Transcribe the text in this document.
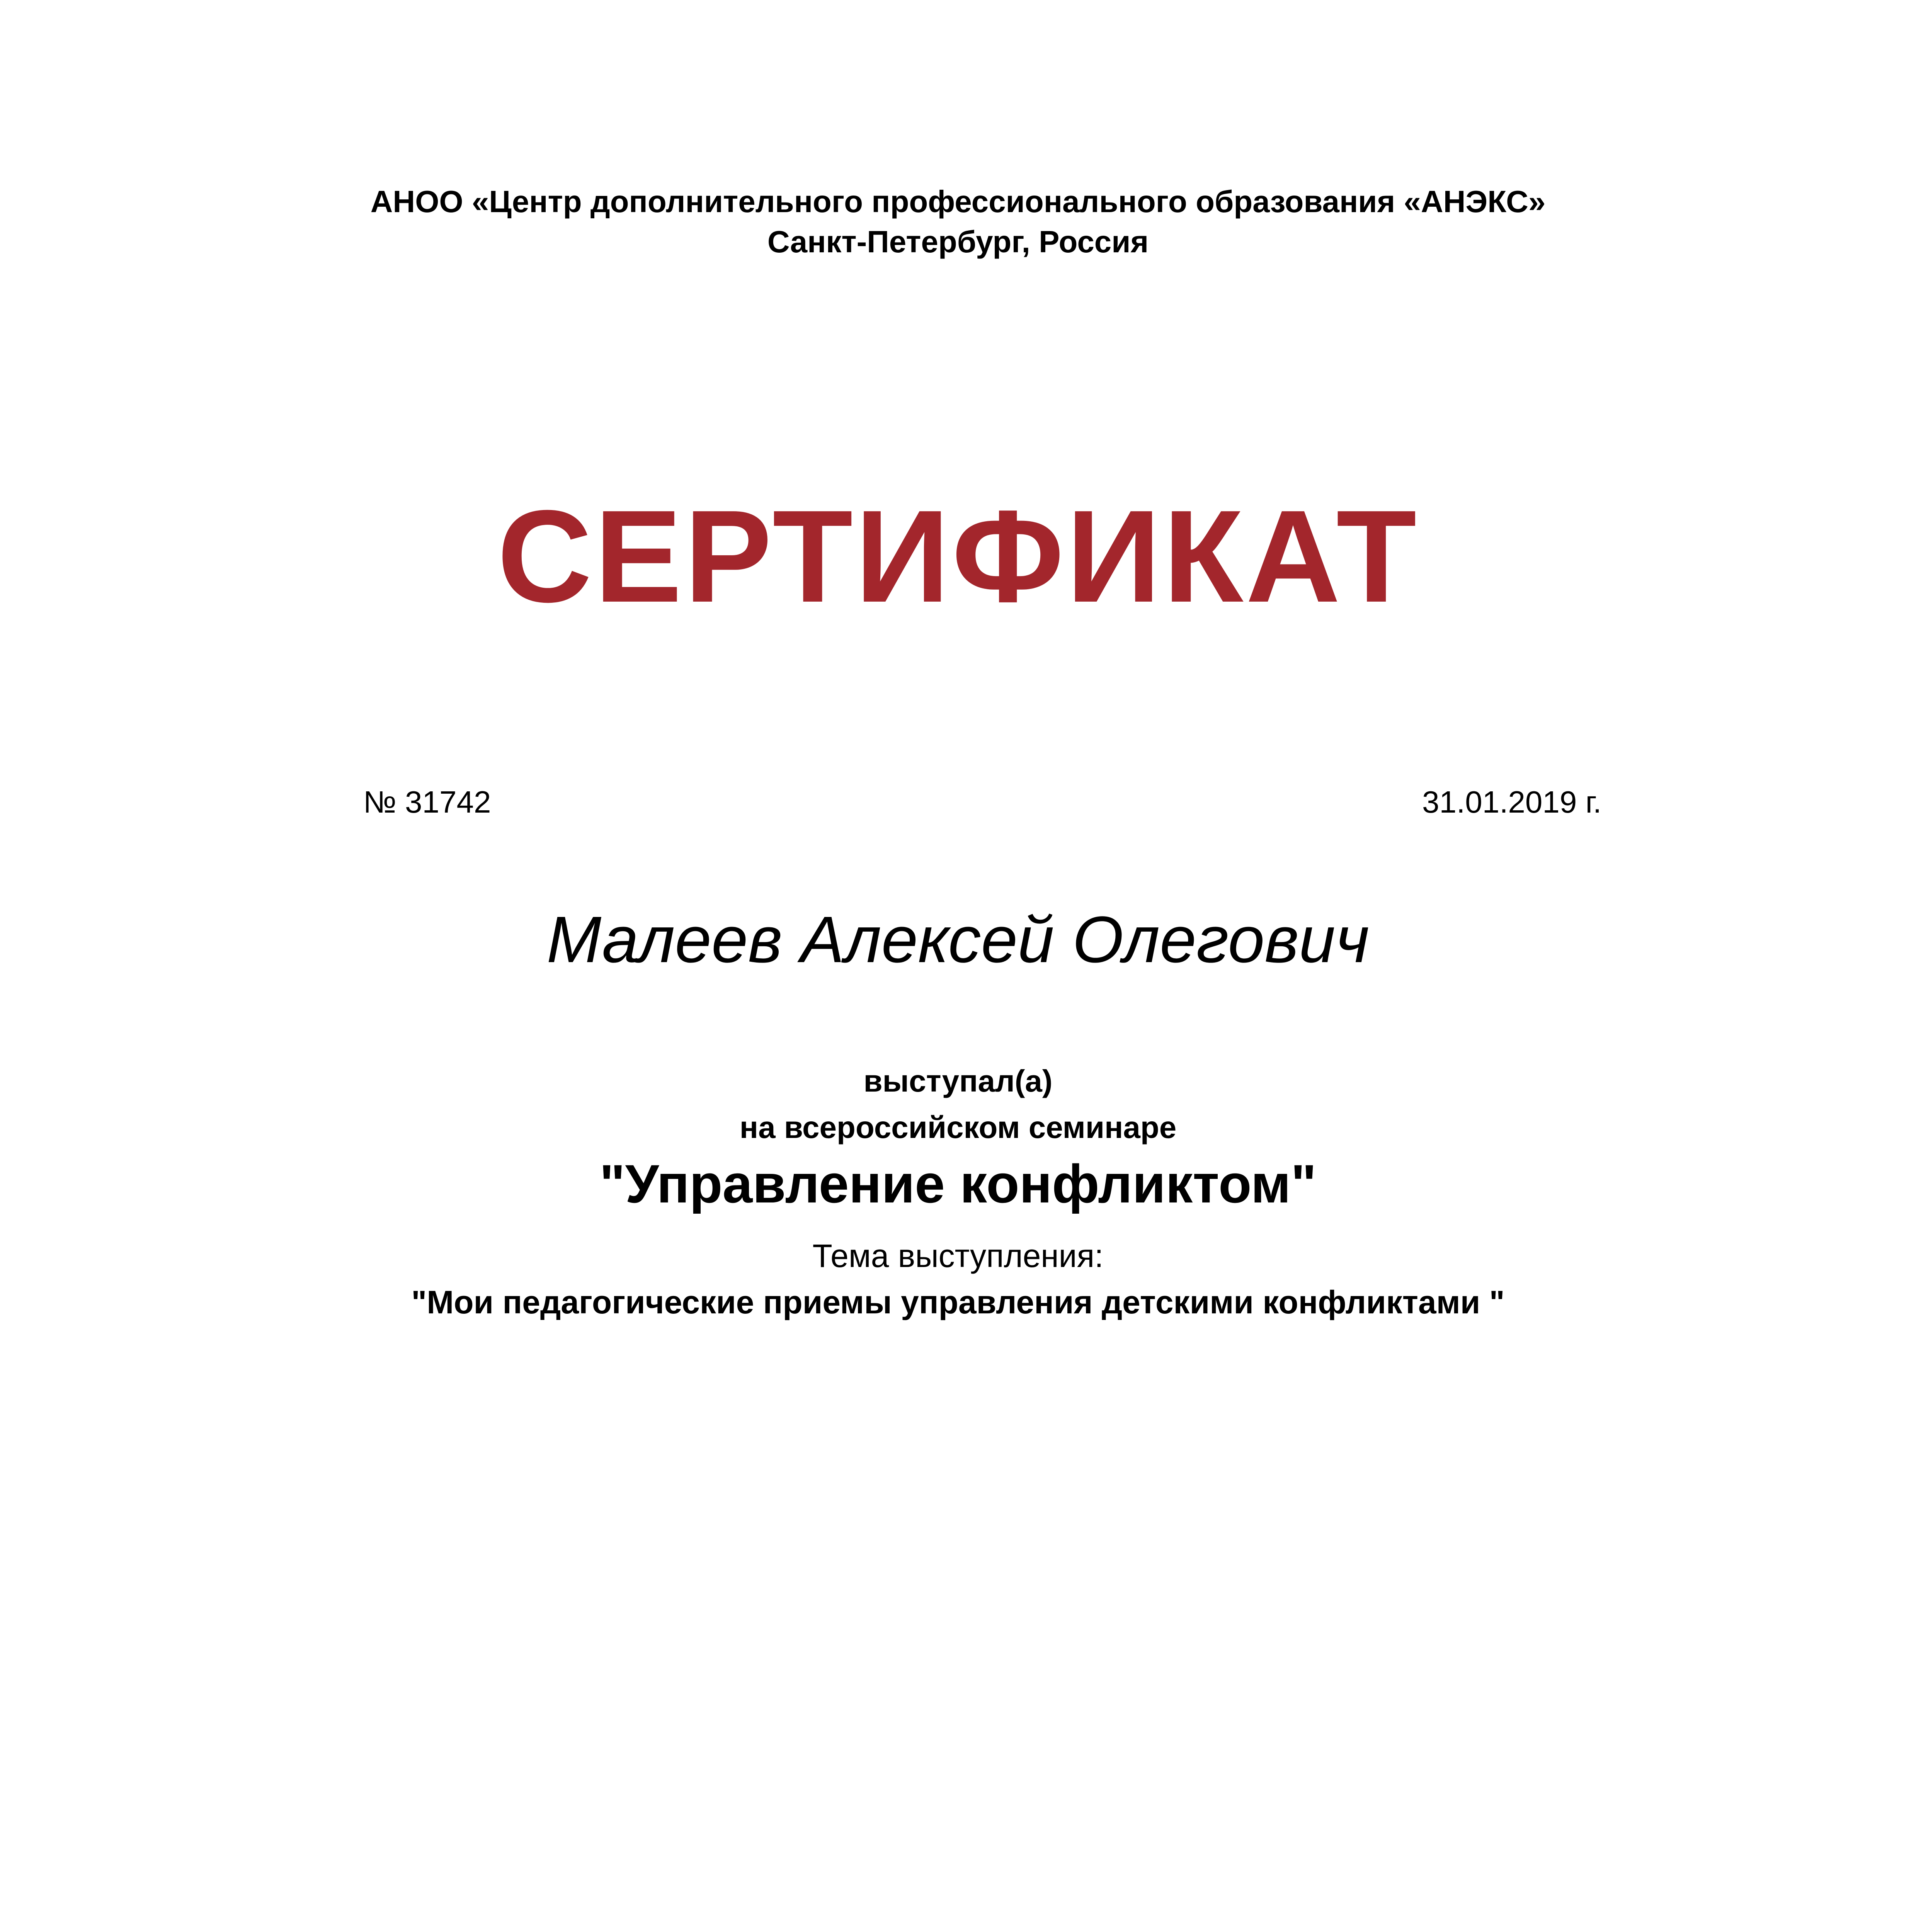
АНОО «Центр дополнительного профессионального образования «АНЭКС»
Санкт-Петербург, Россия
СЕРТИФИКАТ
№ 31742	31.01.2019 г.
Малеев Алексей Олегович
выступал(а)
на всероссийском семинаре
"Управление конфликтом"
Тема выступления:
"Мои педагогические приемы управления детскими конфликтами "
